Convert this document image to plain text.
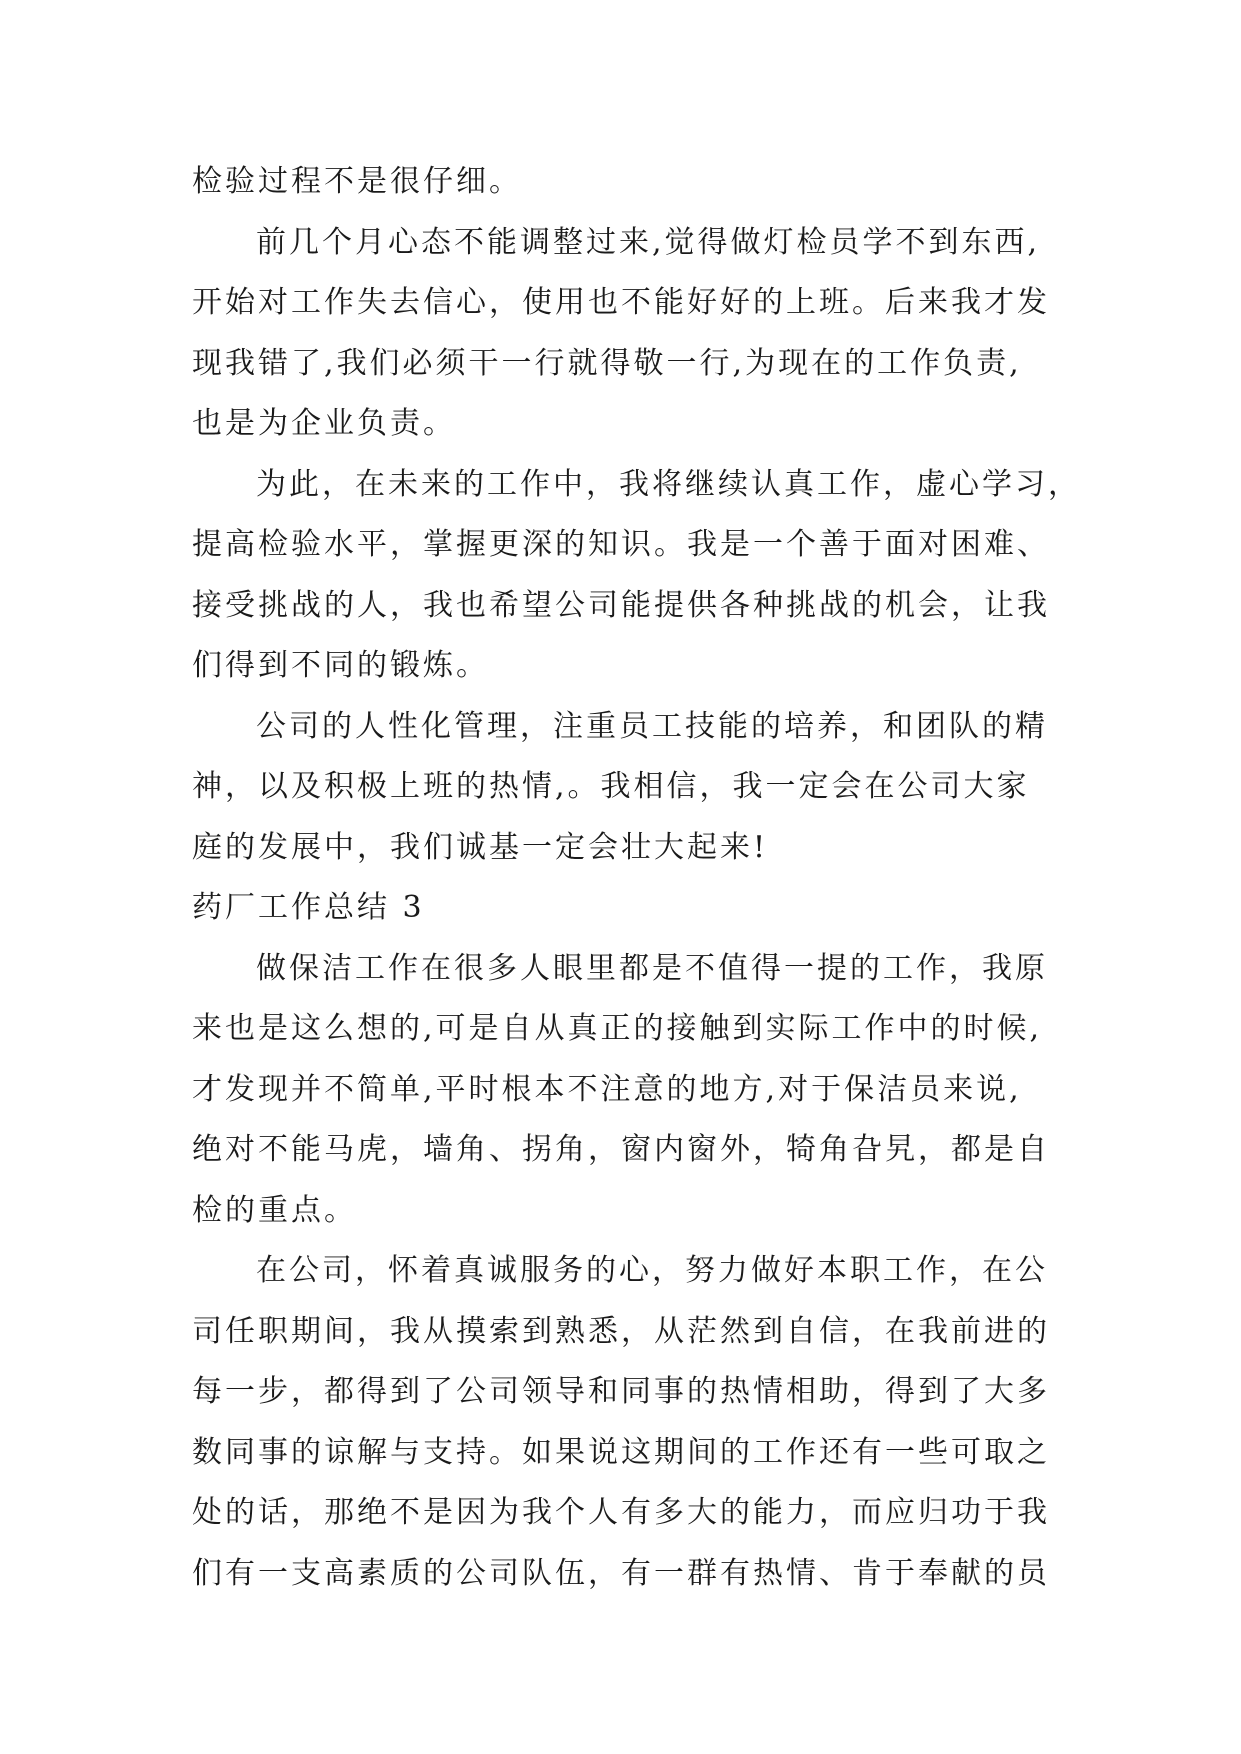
检验过程不是很仔细。
前几个月心态不能调整过来,觉得做灯检员学不到东西,
开始对工作失去信心，使用也不能好好的上班。后来我才发
现我错了,我们必须干一行就得敬一行,为现在的工作负责,
也是为企业负责。
为此，在未来的工作中，我将继续认真工作，虚心学习，
提高检验水平，掌握更深的知识。我是一个善于面对困难、
接受挑战的人，我也希望公司能提供各种挑战的机会，让我
们得到不同的锻炼。
公司的人性化管理，注重员工技能的培养，和团队的精
神，以及积极上班的热情,。我相信，我一定会在公司大家
庭的发展中，我们诚基一定会壮大起来!
药厂工作总结 3
做保洁工作在很多人眼里都是不值得一提的工作，我原
来也是这么想的,可是自从真正的接触到实际工作中的时候,
才发现并不简单,平时根本不注意的地方,对于保洁员来说,
绝对不能马虎，墙角、拐角，窗内窗外，犄角旮旯，都是自
检的重点。
在公司，怀着真诚服务的心，努力做好本职工作，在公
司任职期间，我从摸索到熟悉，从茫然到自信，在我前进的
每一步，都得到了公司领导和同事的热情相助，得到了大多
数同事的谅解与支持。如果说这期间的工作还有一些可取之
处的话，那绝不是因为我个人有多大的能力，而应归功于我
们有一支高素质的公司队伍，有一群有热情、肯于奉献的员
